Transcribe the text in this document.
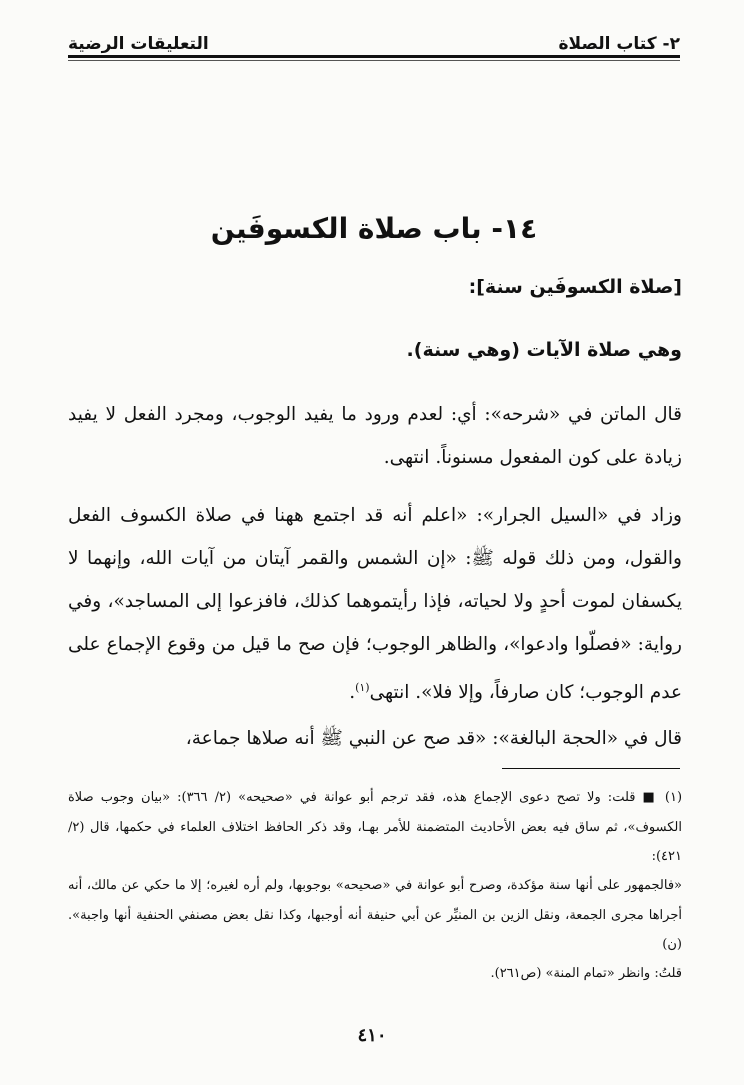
٢- كتاب الصلاة
التعليقات الرضية
١٤- باب صلاة الكسوفَين
[صلاة الكسوفَين سنة]:
وهي صلاة الآيات (وهي سنة).
قال الماتن في «شرحه»: أي: لعدم ورود ما يفيد الوجوب، ومجرد الفعل لا يفيد زيادة على كون المفعول مسنوناً. انتهى.
وزاد في «السيل الجرار»: «اعلم أنه قد اجتمع ههنا في صلاة الكسوف الفعل والقول، ومن ذلك قوله ﷺ: «إن الشمس والقمر آيتان من آيات الله، وإنهما لا يكسفان لموت أحدٍ ولا لحياته، فإذا رأيتموهما كذلك، فافزعوا إلى المساجد»، وفي رواية: «فصلّوا وادعوا»، والظاهر الوجوب؛ فإن صح ما قيل من وقوع الإجماع على عدم الوجوب؛ كان صارفاً، وإلا فلا». انتهى$^{(١)}$.
قال في «الحجة البالغة»: «قد صح عن النبي ﷺ أنه صلاها جماعة،
(١) ■ قلت: ولا تصح دعوى الإجماع هذه، فقد ترجم أبو عوانة في «صحيحه» (٢/ ٣٦٦): «بيان وجوب صلاة الكسوف»، ثم ساق فيه بعض الأحاديث المتضمنة للأمر بهـا، وقد ذكر الحافظ اختلاف العلماء في حكمها، قال (٢/ ٤٢١):
«فالجمهور على أنها سنة مؤكدة، وصرح أبو عوانة في «صحيحه» بوجوبها، ولم أره لغيره؛ إلا ما حكي عن مالك، أنه أجراها مجرى الجمعة، ونقل الزين بن المنيِّر عن أبي حنيفة أنه أوجبها، وكذا نقل بعض مصنفي الحنفية أنها واجبة». (ن)
قلتُ: وانظر «تمام المنة» (ص٢٦١).
٤١٠
